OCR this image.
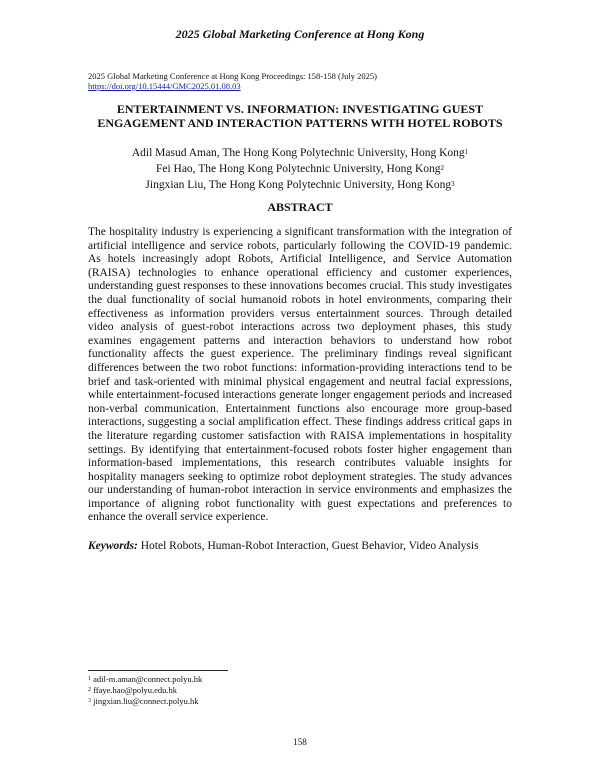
2025 Global Marketing Conference at Hong Kong
2025 Global Marketing Conference at Hong Kong Proceedings: 158-158 (July 2025)
https://doi.org/10.15444/GMC2025.01.08.03
ENTERTAINMENT VS. INFORMATION: INVESTIGATING GUEST
ENGAGEMENT AND INTERACTION PATTERNS WITH HOTEL ROBOTS
Adil Masud Aman, The Hong Kong Polytechnic University, Hong Kong$^1$
Fei Hao, The Hong Kong Polytechnic University, Hong Kong$^2$
Jingxian Liu, The Hong Kong Polytechnic University, Hong Kong$^3$
ABSTRACT

The hospitality industry is experiencing a significant transformation with the integration of artificial intelligence and service robots, particularly following the COVID-19 pandemic. As hotels increasingly adopt Robots, Artificial Intelligence, and Service Automation (RAISA) technologies to enhance operational efficiency and customer experiences, understanding guest responses to these innovations becomes crucial. This study investigates the dual functionality of social humanoid robots in hotel environments, comparing their effectiveness as information providers versus entertainment sources. Through detailed video analysis of guest-robot interactions across two deployment phases, this study examines engagement patterns and interaction behaviors to understand how robot functionality affects the guest experience. The preliminary findings reveal significant differences between the two robot functions: information-providing interactions tend to be brief and task-oriented with minimal physical engagement and neutral facial expressions, while entertainment-focused interactions generate longer engagement periods and increased non-verbal communication. Entertainment functions also encourage more group-based interactions, suggesting a social amplification effect. These findings address critical gaps in the literature regarding customer satisfaction with RAISA implementations in hospitality settings. By identifying that entertainment-focused robots foster higher engagement than information-based implementations, this research contributes valuable insights for hospitality managers seeking to optimize robot deployment strategies. The study advances our understanding of human-robot interaction in service environments and emphasizes the importance of aligning robot functionality with guest expectations and preferences to enhance the overall service experience.

Keywords: Hotel Robots, Human-Robot Interaction, Guest Behavior, Video Analysis
$^1$ adil-m.aman@connect.polyu.hk
$^2$ ffaye.hao@polyu.edu.hk
$^3$ jingxian.liu@connect.polyu.hk
158
